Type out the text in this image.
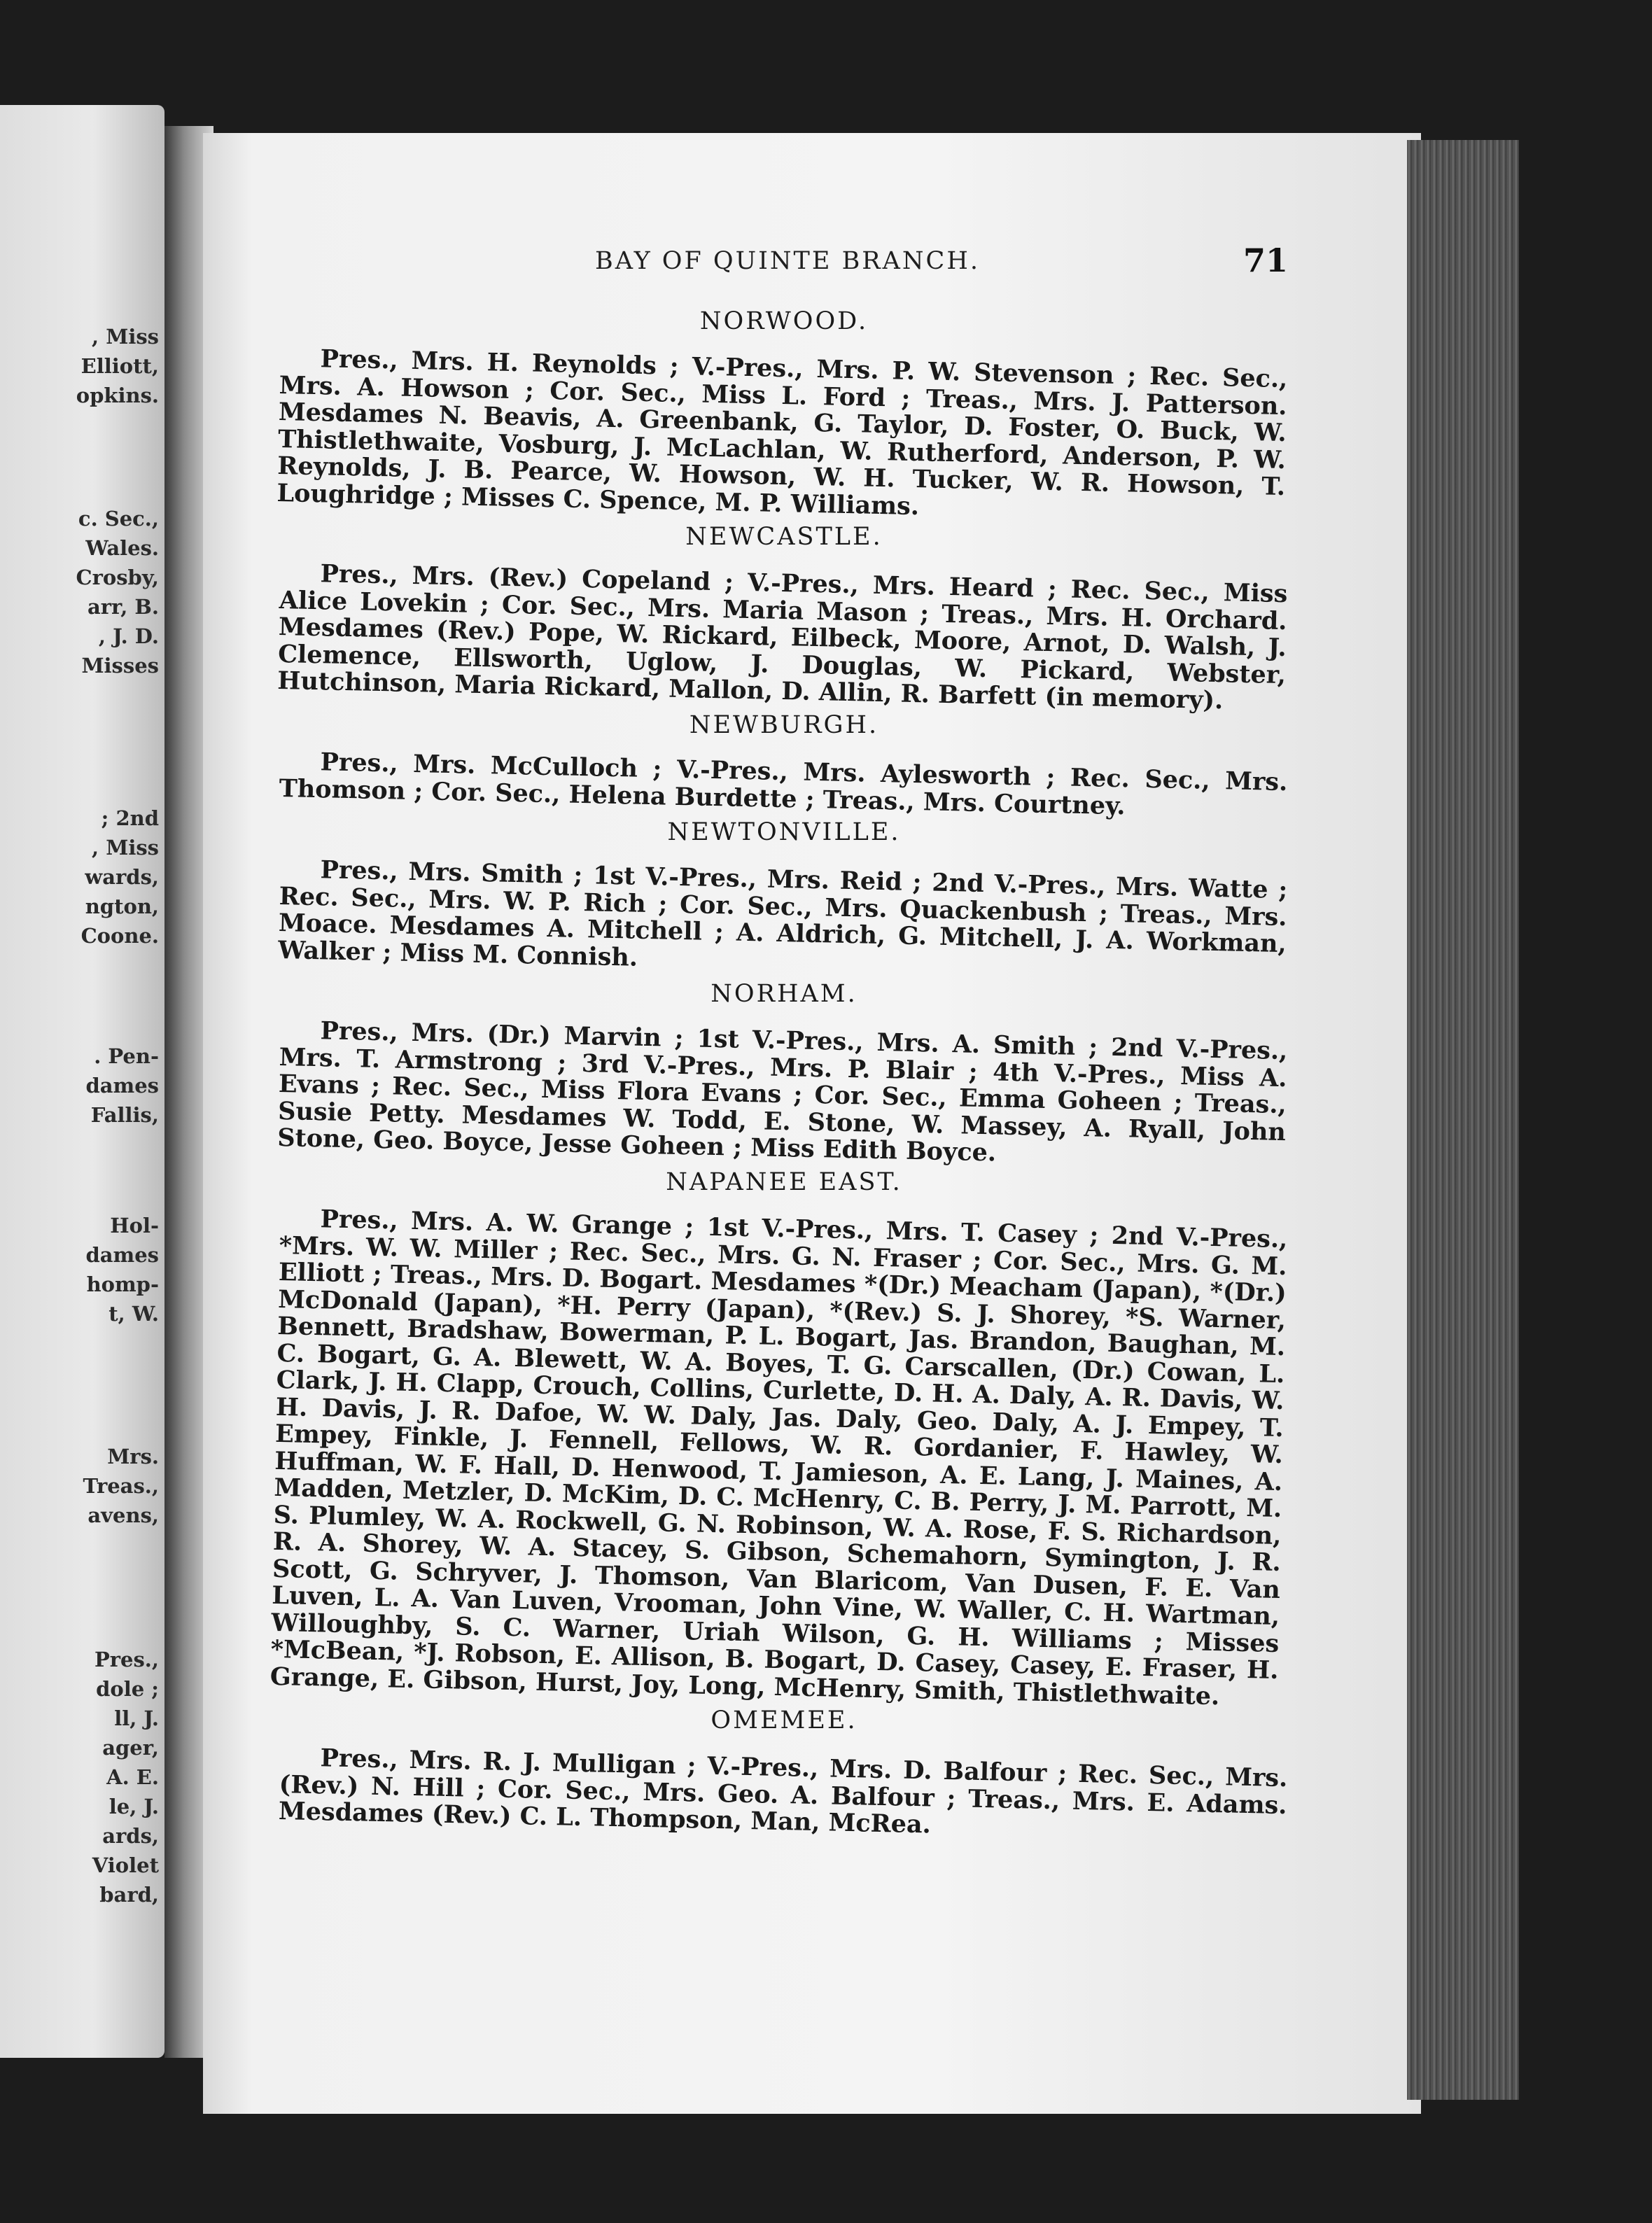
, Miss
Elliott,
opkins.
c. Sec.,
Wales.
Crosby,
arr, B.
, J. D.
Misses
; 2nd
, Miss
wards,
ngton,
Coone.
. Pen-
dames
Fallis,
Hol-
dames
homp-
t, W.
Mrs.
Treas.,
avens,
Pres.,
dole ;
ll, J.
ager,
A. E.
le, J.
ards,
Violet
bard,
BAY OF QUINTE BRANCH.	71
NORWOOD.

Pres., Mrs. H. Reynolds ; V.-Pres., Mrs. P. W. Stevenson ; Rec. Sec., Mrs. A. Howson ; Cor. Sec., Miss L. Ford ; Treas., Mrs. J. Patterson. Mesdames N. Beavis, A. Greenbank, G. Taylor, D. Foster, O. Buck, W. Thistlethwaite, Vosburg, J. McLachlan, W. Rutherford, Anderson, P. W. Reynolds, J. B. Pearce, W. Howson, W. H. Tucker, W. R. Howson, T. Loughridge ; Misses C. Spence, M. P. Williams.

NEWCASTLE.

Pres., Mrs. (Rev.) Copeland ; V.-Pres., Mrs. Heard ; Rec. Sec., Miss Alice Lovekin ; Cor. Sec., Mrs. Maria Mason ; Treas., Mrs. H. Orchard. Mesdames (Rev.) Pope, W. Rickard, Eilbeck, Moore, Arnot, D. Walsh, J. Clemence, Ellsworth, Uglow, J. Douglas, W. Pickard, Webster, Hutchinson, Maria Rickard, Mallon, D. Allin, R. Barfett (in memory).

NEWBURGH.

Pres., Mrs. McCulloch ; V.-Pres., Mrs. Aylesworth ; Rec. Sec., Mrs. Thomson ; Cor. Sec., Helena Burdette ; Treas., Mrs. Courtney.

NEWTONVILLE.

Pres., Mrs. Smith ; 1st V.-Pres., Mrs. Reid ; 2nd V.-Pres., Mrs. Watte ; Rec. Sec., Mrs. W. P. Rich ; Cor. Sec., Mrs. Quackenbush ; Treas., Mrs. Moace. Mesdames A. Mitchell ; A. Aldrich, G. Mitchell, J. A. Workman, Walker ; Miss M. Connish.

NORHAM.

Pres., Mrs. (Dr.) Marvin ; 1st V.-Pres., Mrs. A. Smith ; 2nd V.-Pres., Mrs. T. Armstrong ; 3rd V.-Pres., Mrs. P. Blair ; 4th V.-Pres., Miss A. Evans ; Rec. Sec., Miss Flora Evans ; Cor. Sec., Emma Goheen ; Treas., Susie Petty. Mesdames W. Todd, E. Stone, W. Massey, A. Ryall, John Stone, Geo. Boyce, Jesse Goheen ; Miss Edith Boyce.

NAPANEE EAST.

Pres., Mrs. A. W. Grange ; 1st V.-Pres., Mrs. T. Casey ; 2nd V.-Pres., *Mrs. W. W. Miller ; Rec. Sec., Mrs. G. N. Fraser ; Cor. Sec., Mrs. G. M. Elliott ; Treas., Mrs. D. Bogart. Mesdames *(Dr.) Meacham (Japan), *(Dr.) McDonald (Japan), *H. Perry (Japan), *(Rev.) S. J. Shorey, *S. Warner, Bennett, Bradshaw, Bowerman, P. L. Bogart, Jas. Brandon, Baughan, M. C. Bogart, G. A. Blewett, W. A. Boyes, T. G. Carscallen, (Dr.) Cowan, L. Clark, J. H. Clapp, Crouch, Collins, Curlette, D. H. A. Daly, A. R. Davis, W. H. Davis, J. R. Dafoe, W. W. Daly, Jas. Daly, Geo. Daly, A. J. Empey, T. Empey, Finkle, J. Fennell, Fellows, W. R. Gordanier, F. Hawley, W. Huffman, W. F. Hall, D. Henwood, T. Jamieson, A. E. Lang, J. Maines, A. Madden, Metzler, D. McKim, D. C. McHenry, C. B. Perry, J. M. Parrott, M. S. Plumley, W. A. Rockwell, G. N. Robinson, W. A. Rose, F. S. Richardson, R. A. Shorey, W. A. Stacey, S. Gibson, Schemahorn, Symington, J. R. Scott, G. Schryver, J. Thomson, Van Blaricom, Van Dusen, F. E. Van Luven, L. A. Van Luven, Vrooman, John Vine, W. Waller, C. H. Wartman, Willoughby, S. C. Warner, Uriah Wilson, G. H. Williams ; Misses *McBean, *J. Robson, E. Allison, B. Bogart, D. Casey, Casey, E. Fraser, H. Grange, E. Gibson, Hurst, Joy, Long, McHenry, Smith, Thistlethwaite.

OMEMEE.

Pres., Mrs. R. J. Mulligan ; V.-Pres., Mrs. D. Balfour ; Rec. Sec., Mrs. (Rev.) N. Hill ; Cor. Sec., Mrs. Geo. A. Balfour ; Treas., Mrs. E. Adams. Mesdames (Rev.) C. L. Thompson, Man, McRea.
